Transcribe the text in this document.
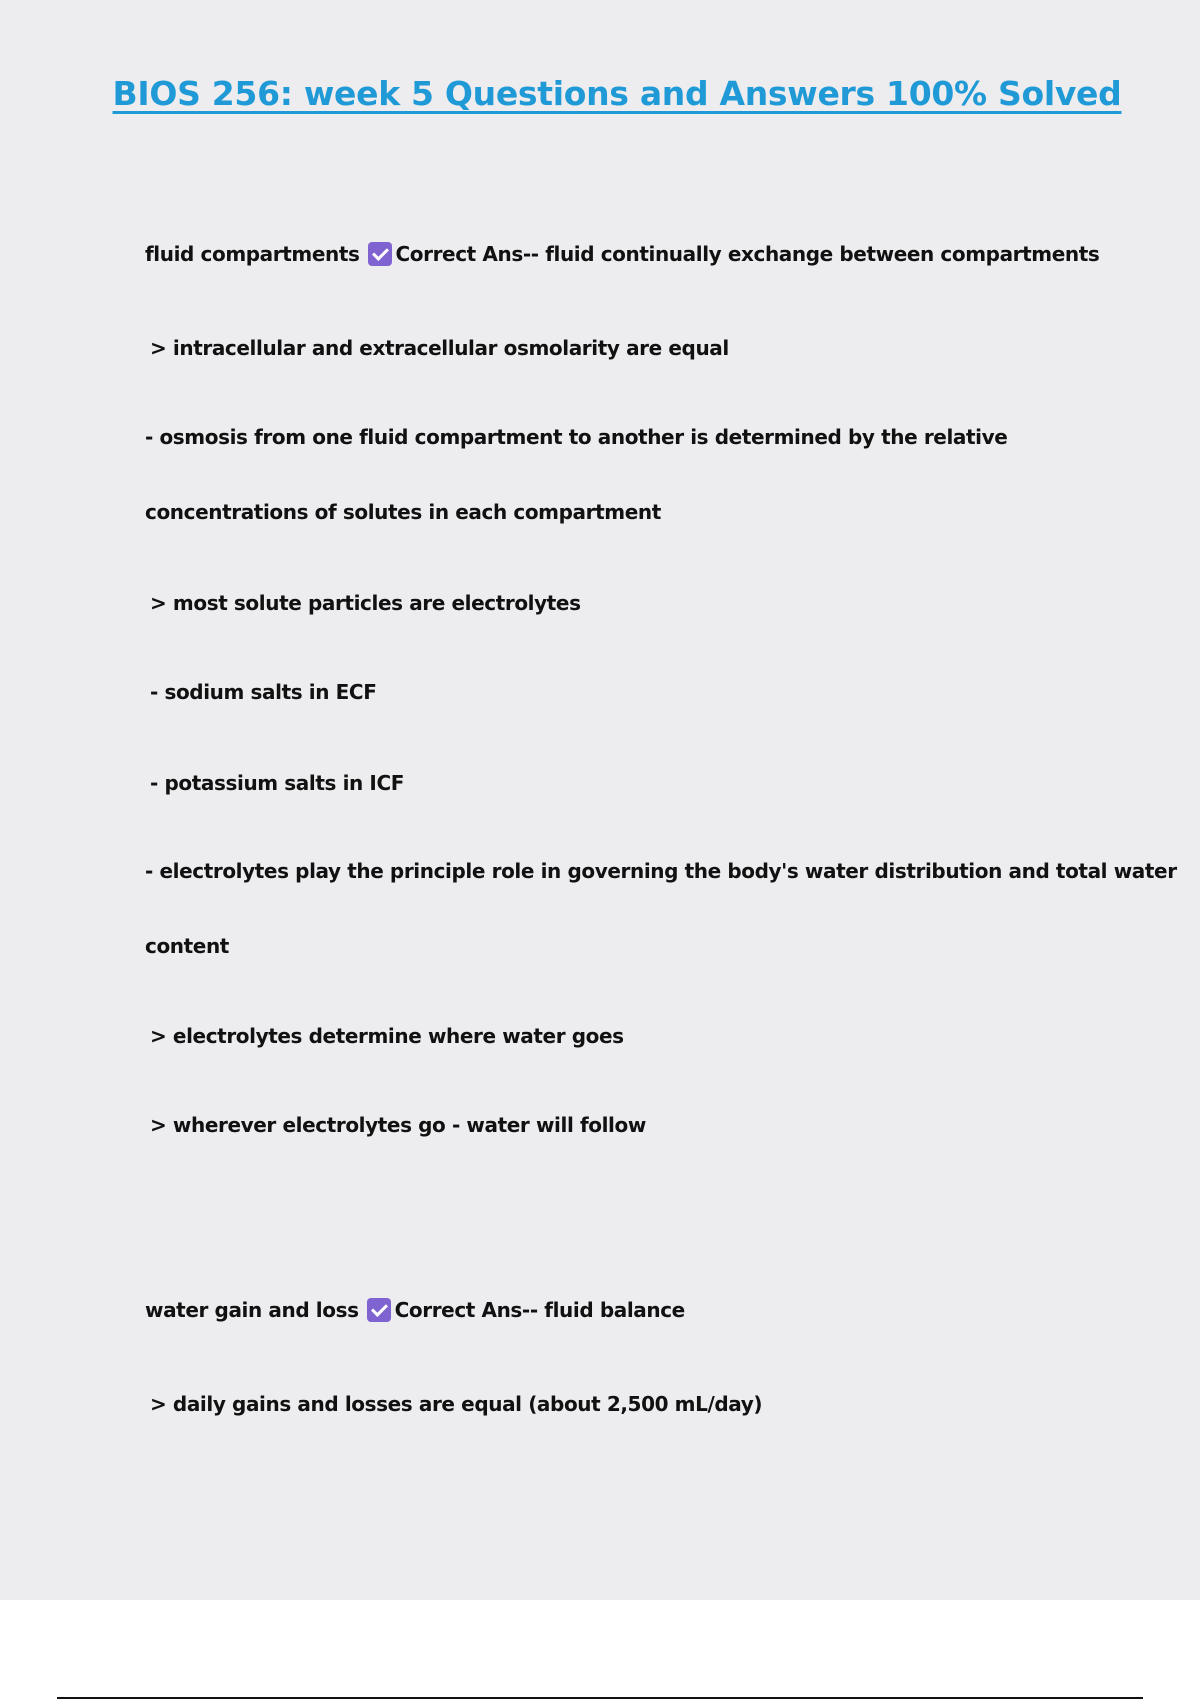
BIOS 256: week 5 Questions and Answers 100% Solved
fluid compartments Correct Ans-- fluid continually exchange between compartments
> intracellular and extracellular osmolarity are equal
- osmosis from one fluid compartment to another is determined by the relative
concentrations of solutes in each compartment
> most solute particles are electrolytes
- sodium salts in ECF
- potassium salts in ICF
- electrolytes play the principle role in governing the body's water distribution and total water
content
> electrolytes determine where water goes
> wherever electrolytes go - water will follow
water gain and loss Correct Ans-- fluid balance
> daily gains and losses are equal (about 2,500 mL/day)
